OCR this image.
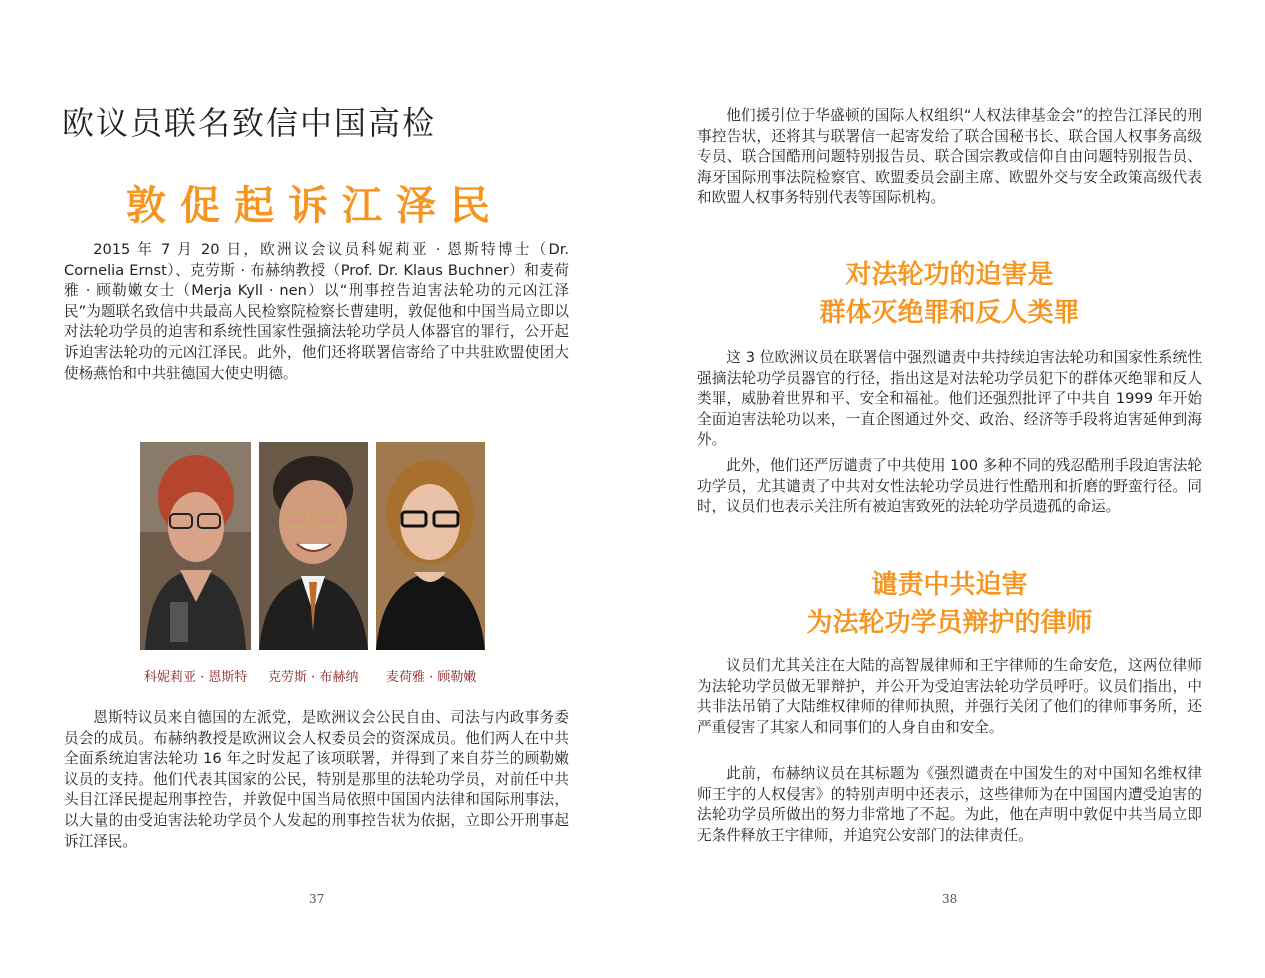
欧议员联名致信中国高检
敦促起诉江泽民

2015 年 7 月 20 日，欧洲议会议员科妮莉亚 · 恩斯特博士（Dr. Cornelia Ernst）、克劳斯 · 布赫纳教授（Prof. Dr. Klaus Buchner）和麦荷雅 · 顾勒嫩女士（Merja Kyll · nen）以“刑事控告迫害法轮功的元凶江泽民”为题联名致信中共最高人民检察院检察长曹建明，敦促他和中国当局立即以对法轮功学员的迫害和系统性国家性强摘法轮功学员人体器官的罪行，公开起诉迫害法轮功的元凶江泽民。此外，他们还将联署信寄给了中共驻欧盟使团大使杨燕怡和中共驻德国大使史明德。

科妮莉亚 · 恩斯特 克劳斯 · 布赫纳 麦荷雅 · 顾勒嫩

恩斯特议员来自德国的左派党，是欧洲议会公民自由、司法与内政事务委员会的成员。布赫纳教授是欧洲议会人权委员会的资深成员。他们两人在中共全面系统迫害法轮功 16 年之时发起了该项联署，并得到了来自芬兰的顾勒嫩议员的支持。他们代表其国家的公民，特别是那里的法轮功学员，对前任中共头目江泽民提起刑事控告，并敦促中国当局依照中国国内法律和国际刑事法，以大量的由受迫害法轮功学员个人发起的刑事控告状为依据，立即公开刑事起诉江泽民。

37

他们援引位于华盛顿的国际人权组织“人权法律基金会”的控告江泽民的刑事控告状，还将其与联署信一起寄发给了联合国秘书长、联合国人权事务高级专员、联合国酷刑问题特别报告员、联合国宗教或信仰自由问题特别报告员、海牙国际刑事法院检察官、欧盟委员会副主席、欧盟外交与安全政策高级代表和欧盟人权事务特别代表等国际机构。

对法轮功的迫害是
群体灭绝罪和反人类罪

这 3 位欧洲议员在联署信中强烈谴责中共持续迫害法轮功和国家性系统性强摘法轮功学员器官的行径，指出这是对法轮功学员犯下的群体灭绝罪和反人类罪，威胁着世界和平、安全和福祉。他们还强烈批评了中共自 1999 年开始全面迫害法轮功以来，一直企图通过外交、政治、经济等手段将迫害延伸到海外。

此外，他们还严厉谴责了中共使用 100 多种不同的残忍酷刑手段迫害法轮功学员，尤其谴责了中共对女性法轮功学员进行性酷刑和折磨的野蛮行径。同时，议员们也表示关注所有被迫害致死的法轮功学员遗孤的命运。

谴责中共迫害
为法轮功学员辩护的律师

议员们尤其关注在大陆的高智晟律师和王宇律师的生命安危，这两位律师为法轮功学员做无罪辩护，并公开为受迫害法轮功学员呼吁。议员们指出，中共非法吊销了大陆维权律师的律师执照，并强行关闭了他们的律师事务所，还严重侵害了其家人和同事们的人身自由和安全。

此前，布赫纳议员在其标题为《强烈谴责在中国发生的对中国知名维权律师王宇的人权侵害》的特别声明中还表示，这些律师为在中国国内遭受迫害的法轮功学员所做出的努力非常地了不起。为此，他在声明中敦促中共当局立即无条件释放王宇律师，并追究公安部门的法律责任。

38
